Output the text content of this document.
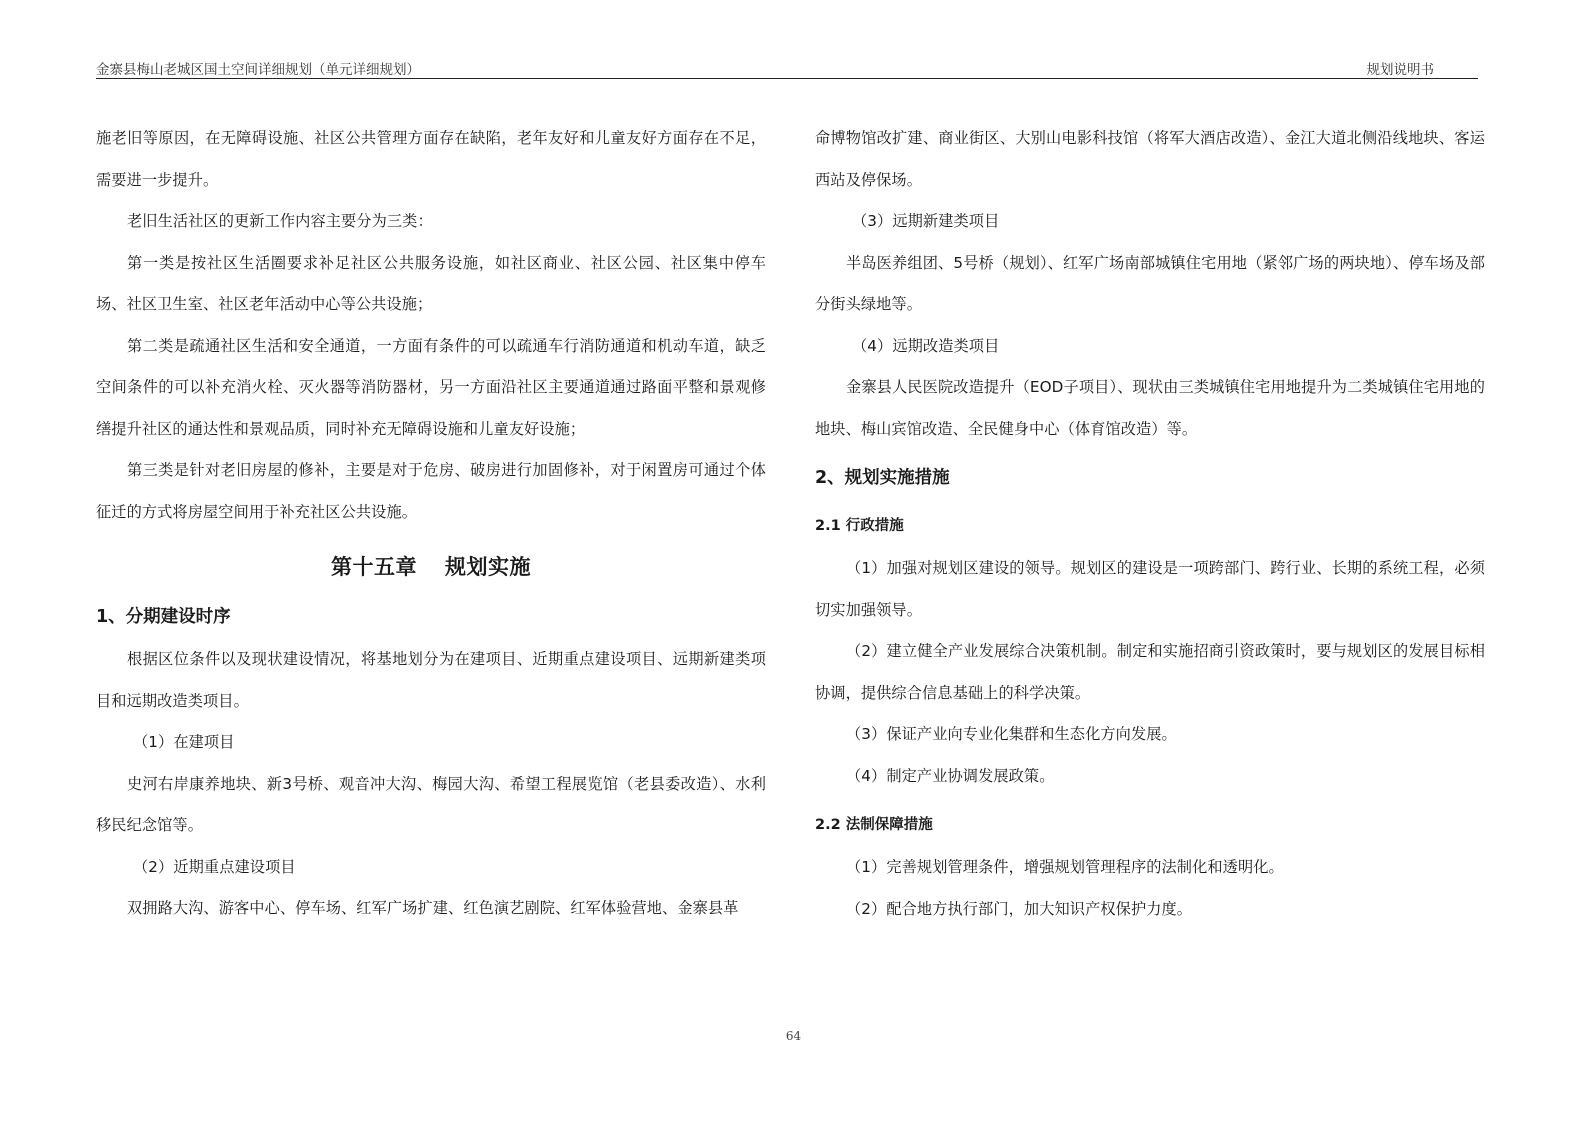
金寨县梅山老城区国土空间详细规划（单元详细规划）	规划说明书

施老旧等原因，在无障碍设施、社区公共管理方面存在缺陷，老年友好和儿童友好方面存在不足，需要进一步提升。

老旧生活社区的更新工作内容主要分为三类：

第一类是按社区生活圈要求补足社区公共服务设施，如社区商业、社区公园、社区集中停车场、社区卫生室、社区老年活动中心等公共设施；

第二类是疏通社区生活和安全通道，一方面有条件的可以疏通车行消防通道和机动车道，缺乏空间条件的可以补充消火栓、灭火器等消防器材，另一方面沿社区主要通道通过路面平整和景观修缮提升社区的通达性和景观品质，同时补充无障碍设施和儿童友好设施；

第三类是针对老旧房屋的修补，主要是对于危房、破房进行加固修补，对于闲置房可通过个体征迁的方式将房屋空间用于补充社区公共设施。

第十五章 规划实施
1、分期建设时序

根据区位条件以及现状建设情况，将基地划分为在建项目、近期重点建设项目、远期新建类项目和远期改造类项目。

（1）在建项目

史河右岸康养地块、新3号桥、观音冲大沟、梅园大沟、希望工程展览馆（老县委改造）、水利移民纪念馆等。

（2）近期重点建设项目

双拥路大沟、游客中心、停车场、红军广场扩建、红色演艺剧院、红军体验营地、金寨县革

命博物馆改扩建、商业街区、大别山电影科技馆（将军大酒店改造）、金江大道北侧沿线地块、客运西站及停保场。

（3）远期新建类项目

半岛医养组团、5号桥（规划）、红军广场南部城镇住宅用地（紧邻广场的两块地）、停车场及部分街头绿地等。

（4）远期改造类项目

金寨县人民医院改造提升（EOD子项目）、现状由三类城镇住宅用地提升为二类城镇住宅用地的地块、梅山宾馆改造、全民健身中心（体育馆改造）等。

2、规划实施措施
2.1 行政措施

（1）加强对规划区建设的领导。规划区的建设是一项跨部门、跨行业、长期的系统工程，必须切实加强领导。

（2）建立健全产业发展综合决策机制。制定和实施招商引资政策时，要与规划区的发展目标相协调，提供综合信息基础上的科学决策。

（3）保证产业向专业化集群和生态化方向发展。

（4）制定产业协调发展政策。

2.2 法制保障措施

（1）完善规划管理条件，增强规划管理程序的法制化和透明化。

（2）配合地方执行部门，加大知识产权保护力度。

64
